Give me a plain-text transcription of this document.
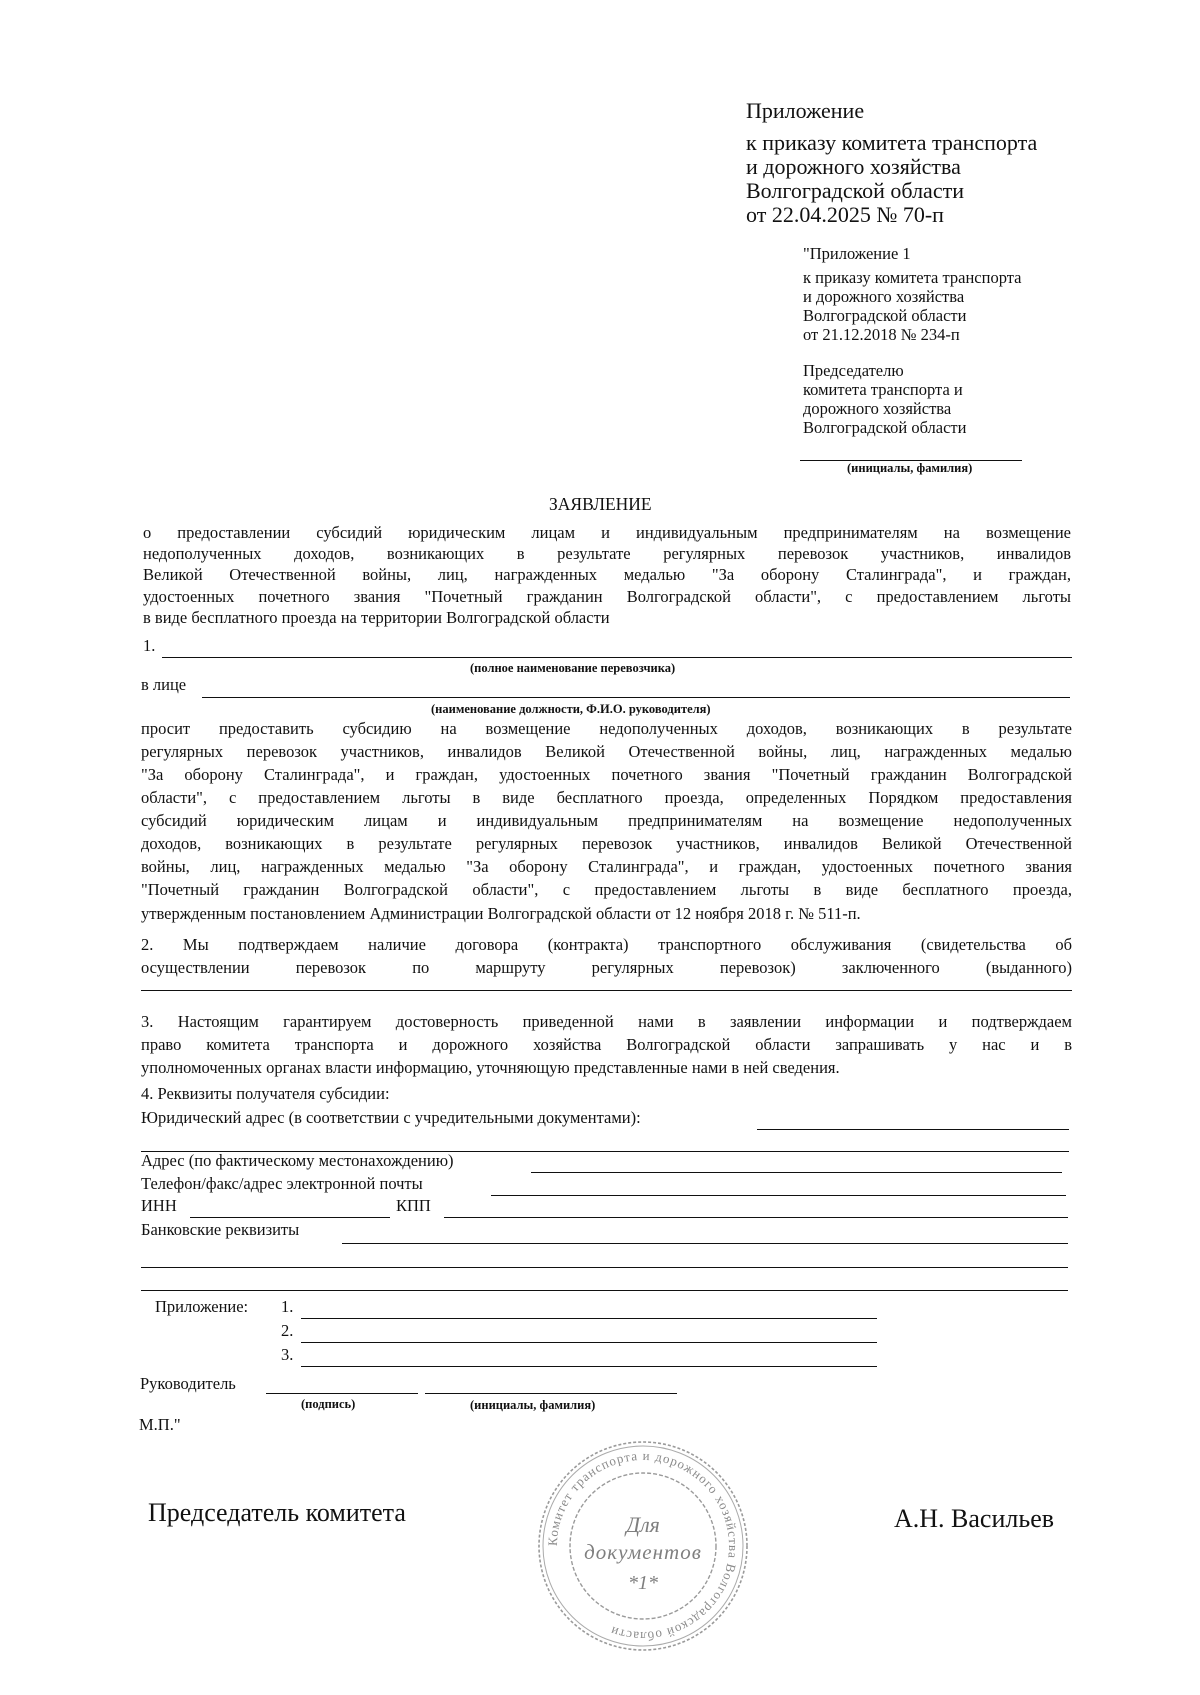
Приложение
к приказу комитета транспорта
и дорожного хозяйства
Волгоградской области
от 22.04.2025 № 70-п
"Приложение 1
к приказу комитета транспорта
и дорожного хозяйства
Волгоградской области
от 21.12.2018 № 234-п
Председателю
комитета транспорта и
дорожного хозяйства
Волгоградской области
(инициалы, фамилия)
ЗАЯВЛЕНИЕ
о предоставлении субсидий юридическим лицам и индивидуальным предпринимателям на возмещение
недополученных доходов, возникающих в результате регулярных перевозок участников, инвалидов
Великой Отечественной войны, лиц, награжденных медалью "За оборону Сталинграда", и граждан,
удостоенных почетного звания "Почетный гражданин Волгоградской области", с предоставлением льготы
в виде бесплатного проезда на территории Волгоградской области
1.
(полное наименование перевозчика)
в лице
(наименование должности, Ф.И.О. руководителя)
просит предоставить субсидию на возмещение недополученных доходов, возникающих в результате
регулярных перевозок участников, инвалидов Великой Отечественной войны, лиц, награжденных медалью
"За оборону Сталинграда", и граждан, удостоенных почетного звания "Почетный гражданин Волгоградской
области", с предоставлением льготы в виде бесплатного проезда, определенных Порядком предоставления
субсидий юридическим лицам и индивидуальным предпринимателям на возмещение недополученных
доходов, возникающих в результате регулярных перевозок участников, инвалидов Великой Отечественной
войны, лиц, награжденных медалью "За оборону Сталинграда", и граждан, удостоенных почетного звания
"Почетный гражданин Волгоградской области", с предоставлением льготы в виде бесплатного проезда,
утвержденным постановлением Администрации Волгоградской области от 12 ноября 2018 г. № 511-п.
2. Мы подтверждаем наличие договора (контракта) транспортного обслуживания (свидетельства об
осуществлении перевозок по маршруту регулярных перевозок) заключенного (выданного)
3. Настоящим гарантируем достоверность приведенной нами в заявлении информации и подтверждаем
право комитета транспорта и дорожного хозяйства Волгоградской области запрашивать у нас и в
уполномоченных органах власти информацию, уточняющую представленные нами в ней сведения.
4. Реквизиты получателя субсидии:
Юридический адрес (в соответствии с учредительными документами):
Адрес (по фактическому местонахождению)
Телефон/факс/адрес электронной почты
ИНН	КПП
Банковские реквизиты
Приложение: 1.
2.
3.
Руководитель
(подпись)	(инициалы, фамилия)
М.П."
Председатель комитета	А.Н. Васильев
Комитет транспорта и дорожного хозяйства Волгоградской области
Для
документов
*1*
